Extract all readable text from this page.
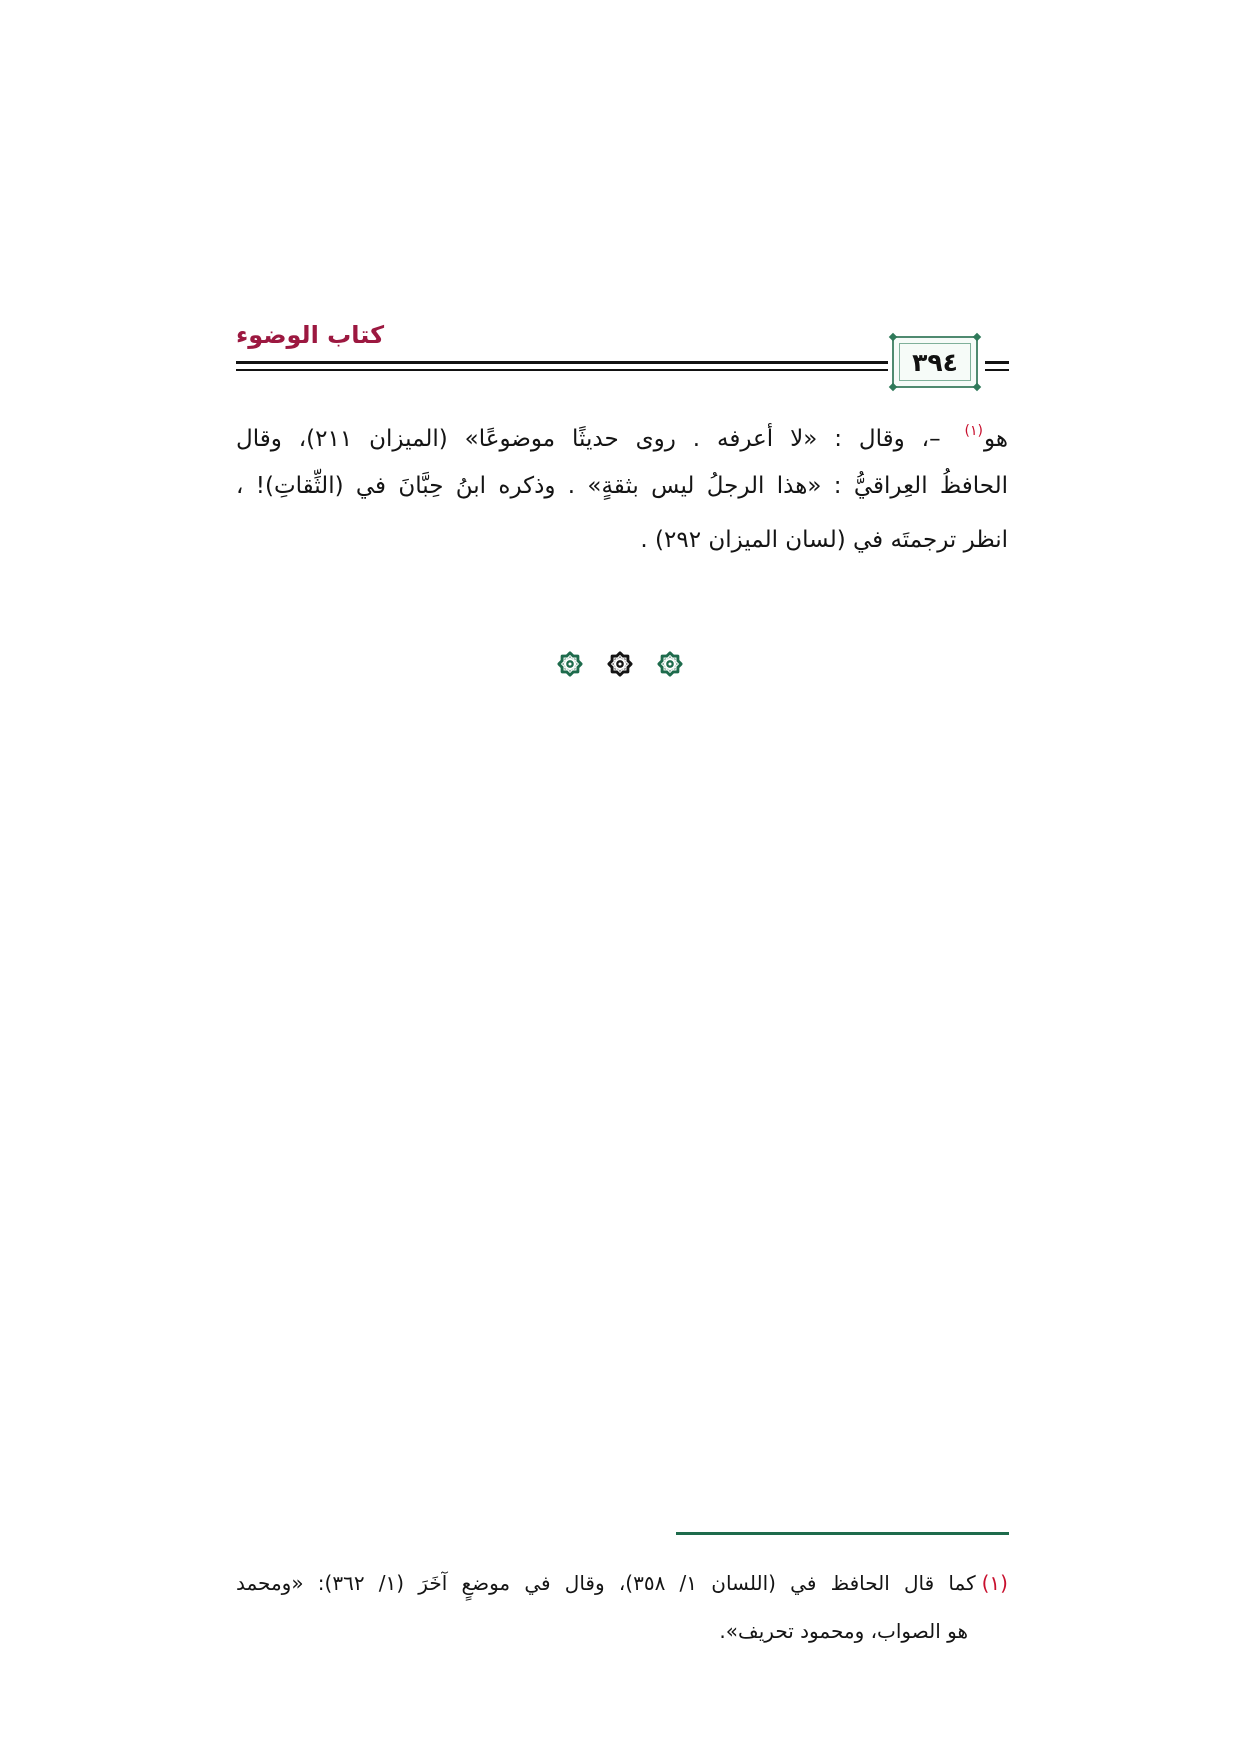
كتاب الوضوء
٣٩٤
هو$^{(١)}$ –، وقال : «لا أعرفه . روى حديثًا موضوعًا» (الميزان ٢١١)، وقال
الحافظُ العِراقيُّ : «هذا الرجلُ ليس بثقةٍ» . وذكره ابنُ حِبَّانَ في (الثِّقاتِ)! ،
انظر ترجمتَه في (لسان الميزان ٢٩٢) .
(١)كما قال الحافظ في (اللسان ١/ ٣٥٨)، وقال في موضعٍ آخَرَ (١/ ٣٦٢): «ومحمد
هو الصواب، ومحمود تحريف».
